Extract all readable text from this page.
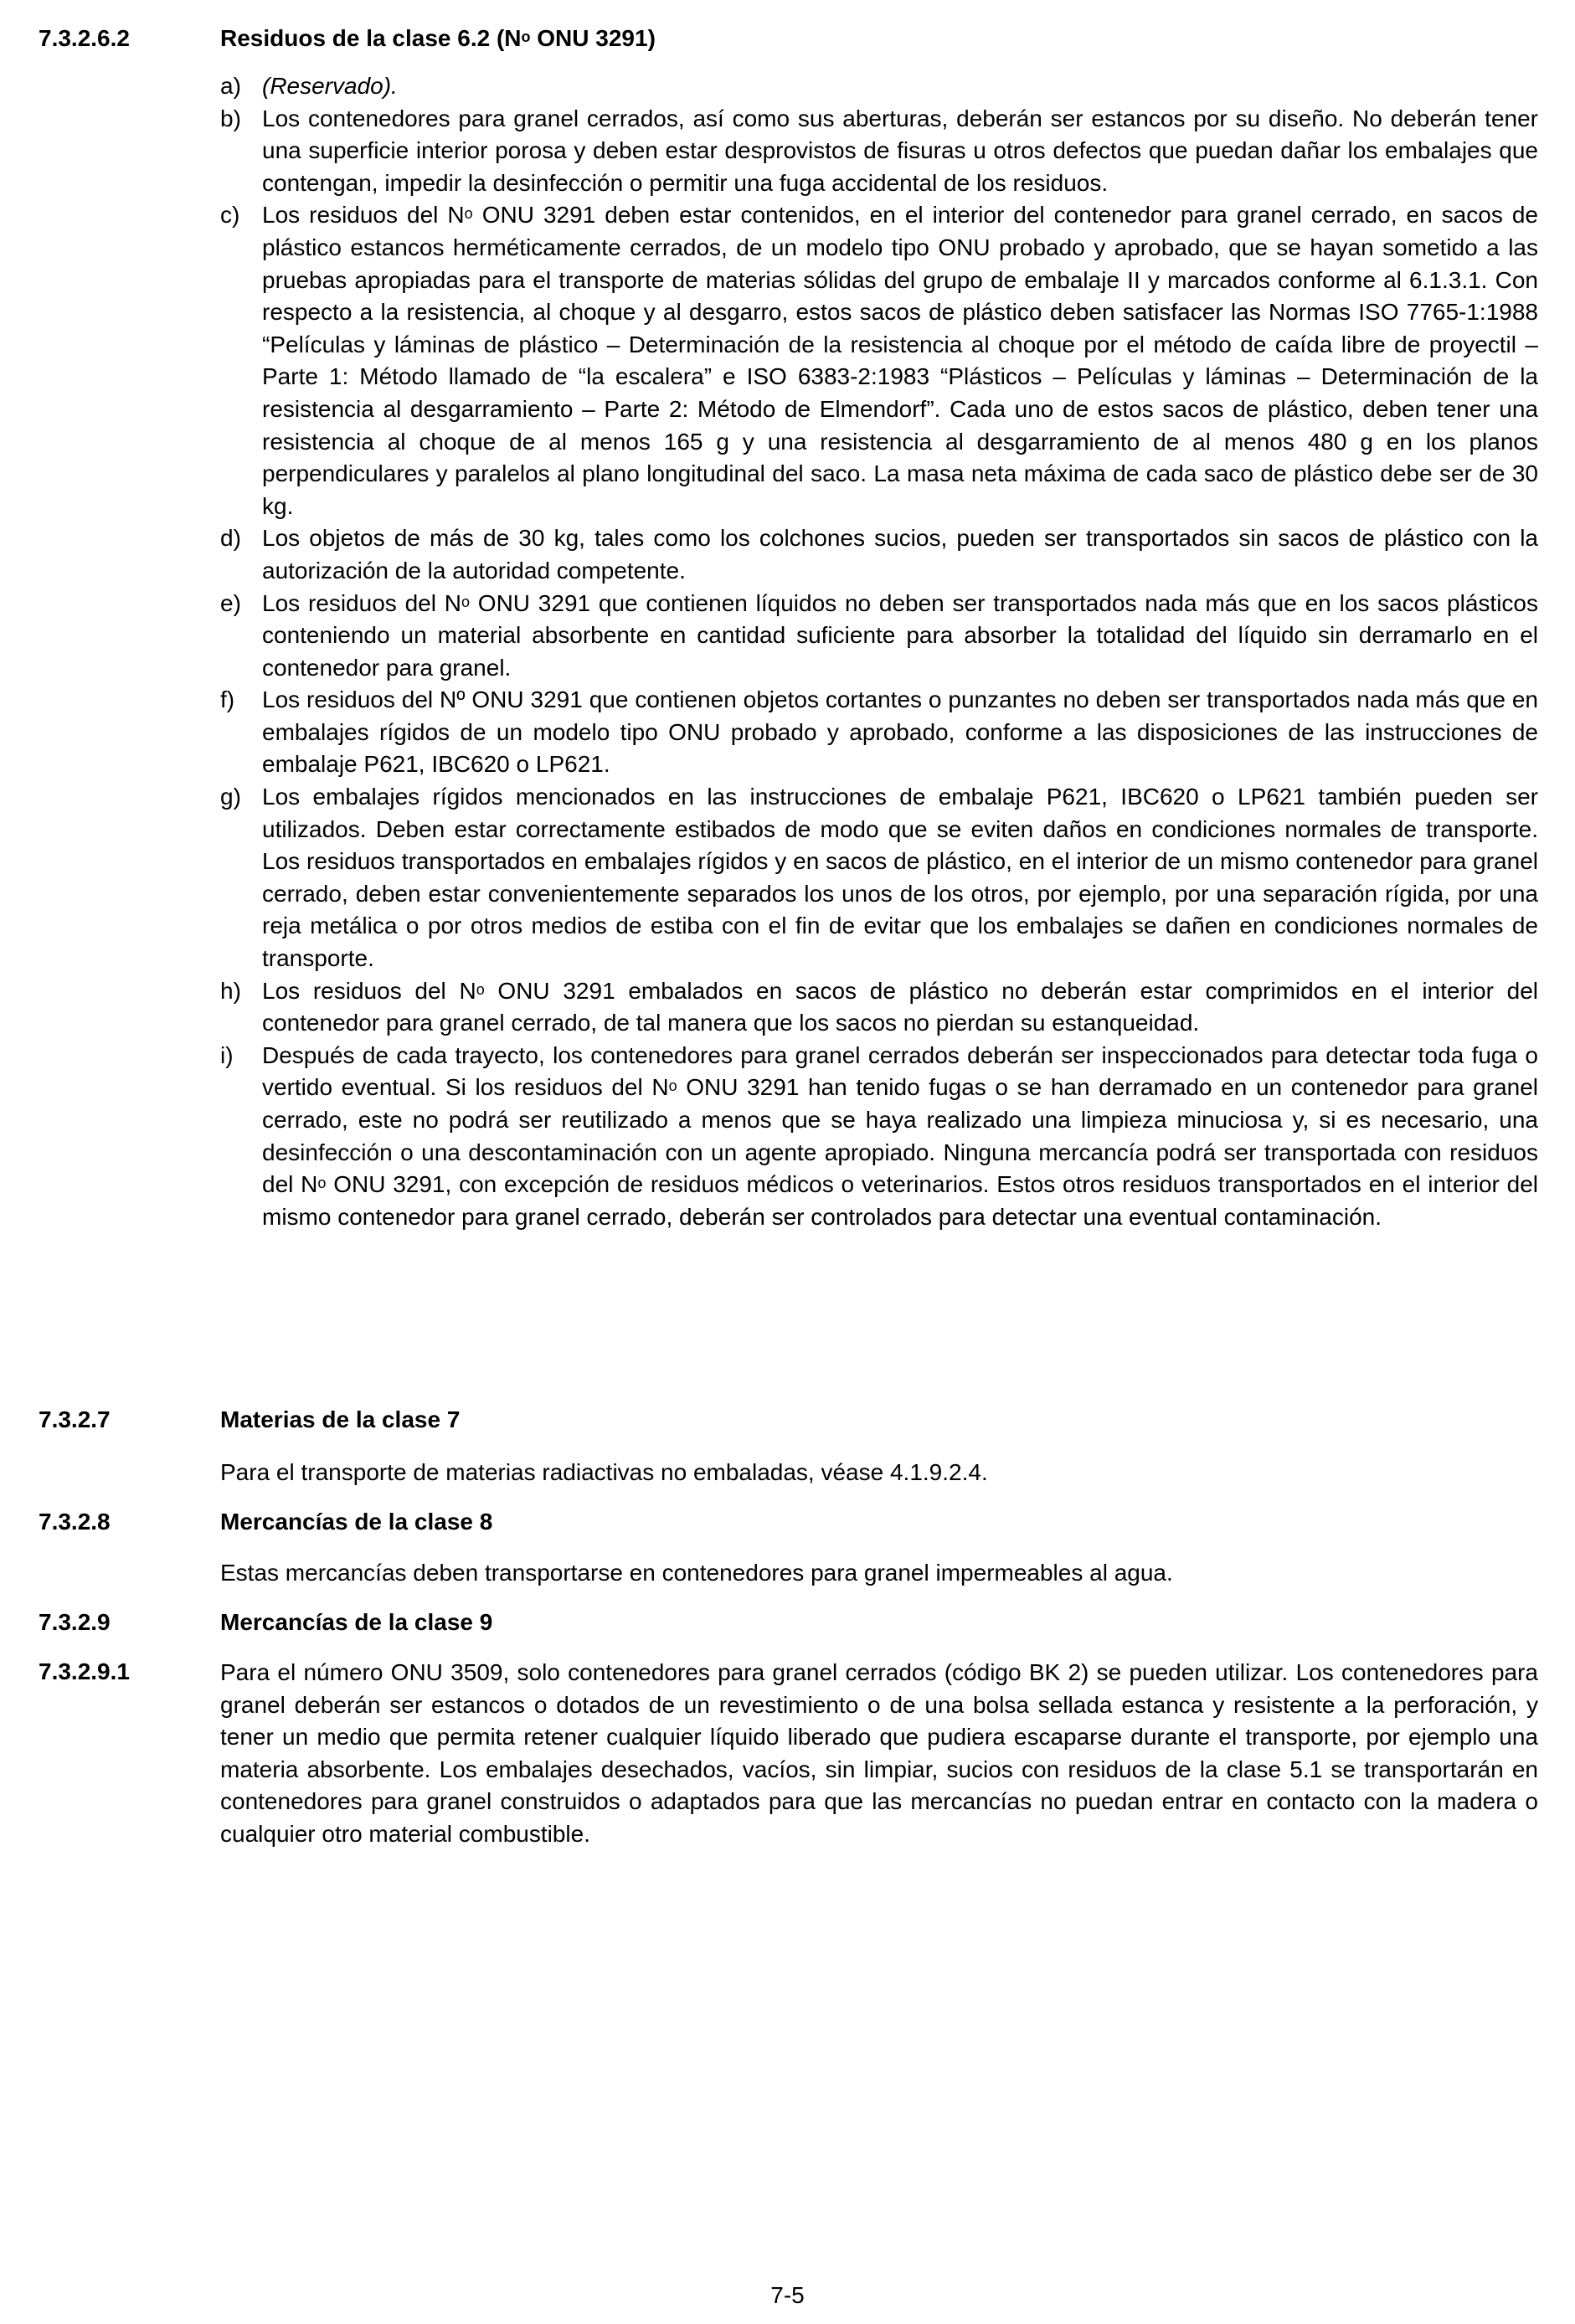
7.3.2.6.2	Residuos de la clase 6.2 ($N^o$ ONU 3291)
a) (Reservado).
b) Los contenedores para granel cerrados, así como sus aberturas, deberán ser estancos por su diseño. No deberán tener una superficie interior porosa y deben estar desprovistos de fisuras u otros defectos que puedan dañar los embalajes que contengan, impedir la desinfección o permitir una fuga accidental de los residuos.
c) Los residuos del $N^o$ ONU 3291 deben estar contenidos, en el interior del contenedor para granel cerrado, en sacos de plástico estancos herméticamente cerrados, de un modelo tipo ONU probado y aprobado, que se hayan sometido a las pruebas apropiadas para el transporte de materias sólidas del grupo de embalaje II y marcados conforme al 6.1.3.1. Con respecto a la resistencia, al choque y al desgarro, estos sacos de plástico deben satisfacer las Normas ISO 7765-1:1988 “Películas y láminas de plástico – Determinación de la resistencia al choque por el método de caída libre de proyectil – Parte 1: Método llamado de “la escalera” e ISO 6383-2:1983 “Plásticos – Películas y láminas – Determinación de la resistencia al desgarramiento – Parte 2: Método de Elmendorf”. Cada uno de estos sacos de plástico, deben tener una resistencia al choque de al menos 165 g y una resistencia al desgarramiento de al menos 480 g en los planos perpendiculares y paralelos al plano longitudinal del saco. La masa neta máxima de cada saco de plástico debe ser de 30 kg.
d) Los objetos de más de 30 kg, tales como los colchones sucios, pueden ser transportados sin sacos de plástico con la autorización de la autoridad competente.
e) Los residuos del $N^o$ ONU 3291 que contienen líquidos no deben ser transportados nada más que en los sacos plásticos conteniendo un material absorbente en cantidad suficiente para absorber la totalidad del líquido sin derramarlo en el contenedor para granel.
f) Los residuos del Nº ONU 3291 que contienen objetos cortantes o punzantes no deben ser transportados nada más que en embalajes rígidos de un modelo tipo ONU probado y aprobado, conforme a las disposiciones de las instrucciones de embalaje P621, IBC620 o LP621.
g) Los embalajes rígidos mencionados en las instrucciones de embalaje P621, IBC620 o LP621 también pueden ser utilizados. Deben estar correctamente estibados de modo que se eviten daños en condiciones normales de transporte. Los residuos transportados en embalajes rígidos y en sacos de plástico, en el interior de un mismo contenedor para granel cerrado, deben estar convenientemente separados los unos de los otros, por ejemplo, por una separación rígida, por una reja metálica o por otros medios de estiba con el fin de evitar que los embalajes se dañen en condiciones normales de transporte.
h) Los residuos del $N^o$ ONU 3291 embalados en sacos de plástico no deberán estar comprimidos en el interior del contenedor para granel cerrado, de tal manera que los sacos no pierdan su estanqueidad.
i) Después de cada trayecto, los contenedores para granel cerrados deberán ser inspeccionados para detectar toda fuga o vertido eventual. Si los residuos del $N^o$ ONU 3291 han tenido fugas o se han derramado en un contenedor para granel cerrado, este no podrá ser reutilizado a menos que se haya realizado una limpieza minuciosa y, si es necesario, una desinfección o una descontaminación con un agente apropiado. Ninguna mercancía podrá ser transportada con residuos del $N^o$ ONU 3291, con excepción de residuos médicos o veterinarios. Estos otros residuos transportados en el interior del mismo contenedor para granel cerrado, deberán ser controlados para detectar una eventual contaminación.
7.3.2.7	Materias de la clase 7
Para el transporte de materias radiactivas no embaladas, véase 4.1.9.2.4.
7.3.2.8	Mercancías de la clase 8
Estas mercancías deben transportarse en contenedores para granel impermeables al agua.
7.3.2.9	Mercancías de la clase 9
7.3.2.9.1	Para el número ONU 3509, solo contenedores para granel cerrados (código BK 2) se pueden utilizar. Los contenedores para granel deberán ser estancos o dotados de un revestimiento o de una bolsa sellada estanca y resistente a la perforación, y tener un medio que permita retener cualquier líquido liberado que pudiera escaparse durante el transporte, por ejemplo una materia absorbente. Los embalajes desechados, vacíos, sin limpiar, sucios con residuos de la clase 5.1 se transportarán en contenedores para granel construidos o adaptados para que las mercancías no puedan entrar en contacto con la madera o cualquier otro material combustible.
7-5
